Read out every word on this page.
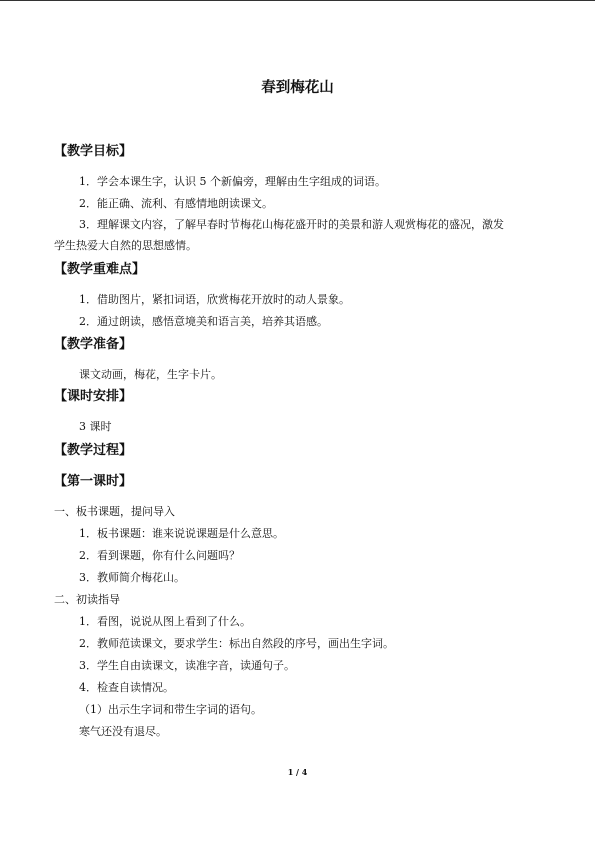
春到梅花山
【教学目标】
1．学会本课生字，认识 5 个新偏旁，理解由生字组成的词语。
2．能正确、流利、有感情地朗读课文。
3．理解课文内容，了解早春时节梅花山梅花盛开时的美景和游人观赏梅花的盛况，激发
学生热爱大自然的思想感情。
【教学重难点】
1．借助图片，紧扣词语，欣赏梅花开放时的动人景象。
2．通过朗读，感悟意境美和语言美，培养其语感。
【教学准备】
课文动画，梅花，生字卡片。
【课时安排】
3 课时
【教学过程】
【第一课时】
一、板书课题，提问导入
1．板书课题：谁来说说课题是什么意思。
2．看到课题，你有什么问题吗？
3．教师简介梅花山。
二、初读指导
1．看图，说说从图上看到了什么。
2．教师范读课文，要求学生：标出自然段的序号，画出生字词。
3．学生自由读课文，读准字音，读通句子。
4．检查自读情况。
（1）出示生字词和带生字词的语句。
寒气还没有退尽。
1 / 4
